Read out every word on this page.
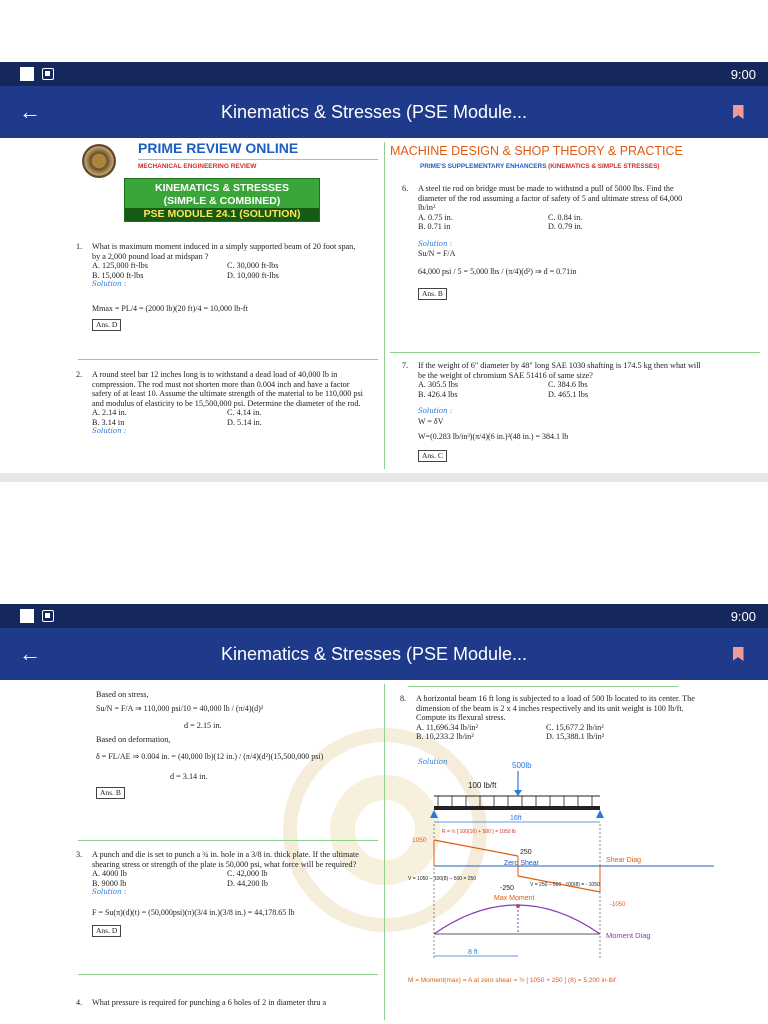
9:00
←	Kinematics & Stresses (PSE Module...
PRIME REVIEW ONLINE
MECHANICAL ENGINEERING REVIEW
KINEMATICS & STRESSES
(SIMPLE & COMBINED)
PSE MODULE 24.1 (SOLUTION)
MACHINE DESIGN & SHOP THEORY & PRACTICE
PRIME'S SUPPLEMENTARY ENHANCERS (KINEMATICS & SIMPLE STRESSES)
1. What is maximum moment induced in a simply supported beam of 20 foot span, by a 2,000 pound load at midspan ?
A. 125,000 ft-lbs	C. 30,000 ft-lbs
B. 15,000 ft-lbs	D. 10,000 ft-lbs
Solution :
Mmax = PL/4 = (2000 lb)(20 ft)/4 = 10,000 lb-ft
Ans. D
2. A round steel bar 12 inches long is to withstand a dead load of 40,000 lb in compression. The rod must not shorten more than 0.004 inch and have a factor safety of at least 10. Assume the ultimate strength of the material to be 110,000 psi and modulus of elasticity to be 15,500,000 psi. Determine the diameter of the rod.
A. 2.14 in.	C. 4.14 in.
B. 3.14 in	D. 5.14 in.
Solution :
6. A steel tie rod on bridge must be made to withstnd a pull of 5000 lbs. Find the diameter of the rod assuming a factor of safety of 5 and ultimate stress of 64,000 lb/in²
A. 0.75 in.	C. 0.84 in.
B. 0.71 in	D. 0.79 in.
Solution :
Su/N = F/A
64,000 psi / 5 = 5,000 lbs / (π/4)(d²) ⇒ d = 0.71in
Ans. B
7. If the weight of 6" diameter by 48" long SAE 1030 shafting is 174.5 kg then what will be the weight of chromium SAE 51416 of same size?
A. 305.5 lbs	C. 384.6 lbs
B. 426.4 lbs	D. 465.1 lbs
Solution :
W = δV
W=(0.283 lb/in³)(π/4)(6 in.)²(48 in.) = 384.1 lb
Ans. C
9:00
←	Kinematics & Stresses (PSE Module...
Based on stress,
Su/N = F/A ⇒ 110,000 psi/10 = 40,000 lb / (π/4)(d)²
d = 2.15 in.
Based on deformation,
δ = FL/AE ⇒ 0.004 in. = (40,000 lb)(12 in.) / (π/4)(d²)(15,500,000 psi)
d = 3.14 in.
Ans. B
3. A punch and die is set to punch a ¾ in. hole in a 3/8 in. thick plate. If the ultimate shearing stress or strength of the plate is 50,000 psi, what force will be required?
A. 4000 lb	C. 42,000 lb
B. 9000 lb	D. 44,200 lb
Solution :
F = Su(π)(d)(t) = (50,000psi)(π)(3/4 in.)(3/8 in.) = 44,178.65 lb
Ans. D
4. What pressure is required for punching a 6 holes of 2 in diameter thru a
8. A horizontal beam 16 ft long is subjected to a load of 500 lb located to its center. The dimension of the beam is 2 x 4 inches respectively and its unit weight is 100 lb/ft. Compute its flexural stress.
A. 11,696.34 lb/in²	C. 15,677.2 lb/in²
B. 10,233.2 lb/in²	D. 15,388.1 lb/in²
Solution	500lb
100 lb/ft
16ft
R = ½ [ 100(16) + 500 ] = 1050 lb
1050
250
Zero Shear	Shear Diag
V = 1050 – 100(8) – 500 = 250
V = 250 – 500 –100(8) = - 1050
-250
Max Moment
-1050
Moment Diag
8 ft
M = Moment(max) = A at zero shear = ½ [ 1050 + 250 ] (8) = 5,200 in-lbf
